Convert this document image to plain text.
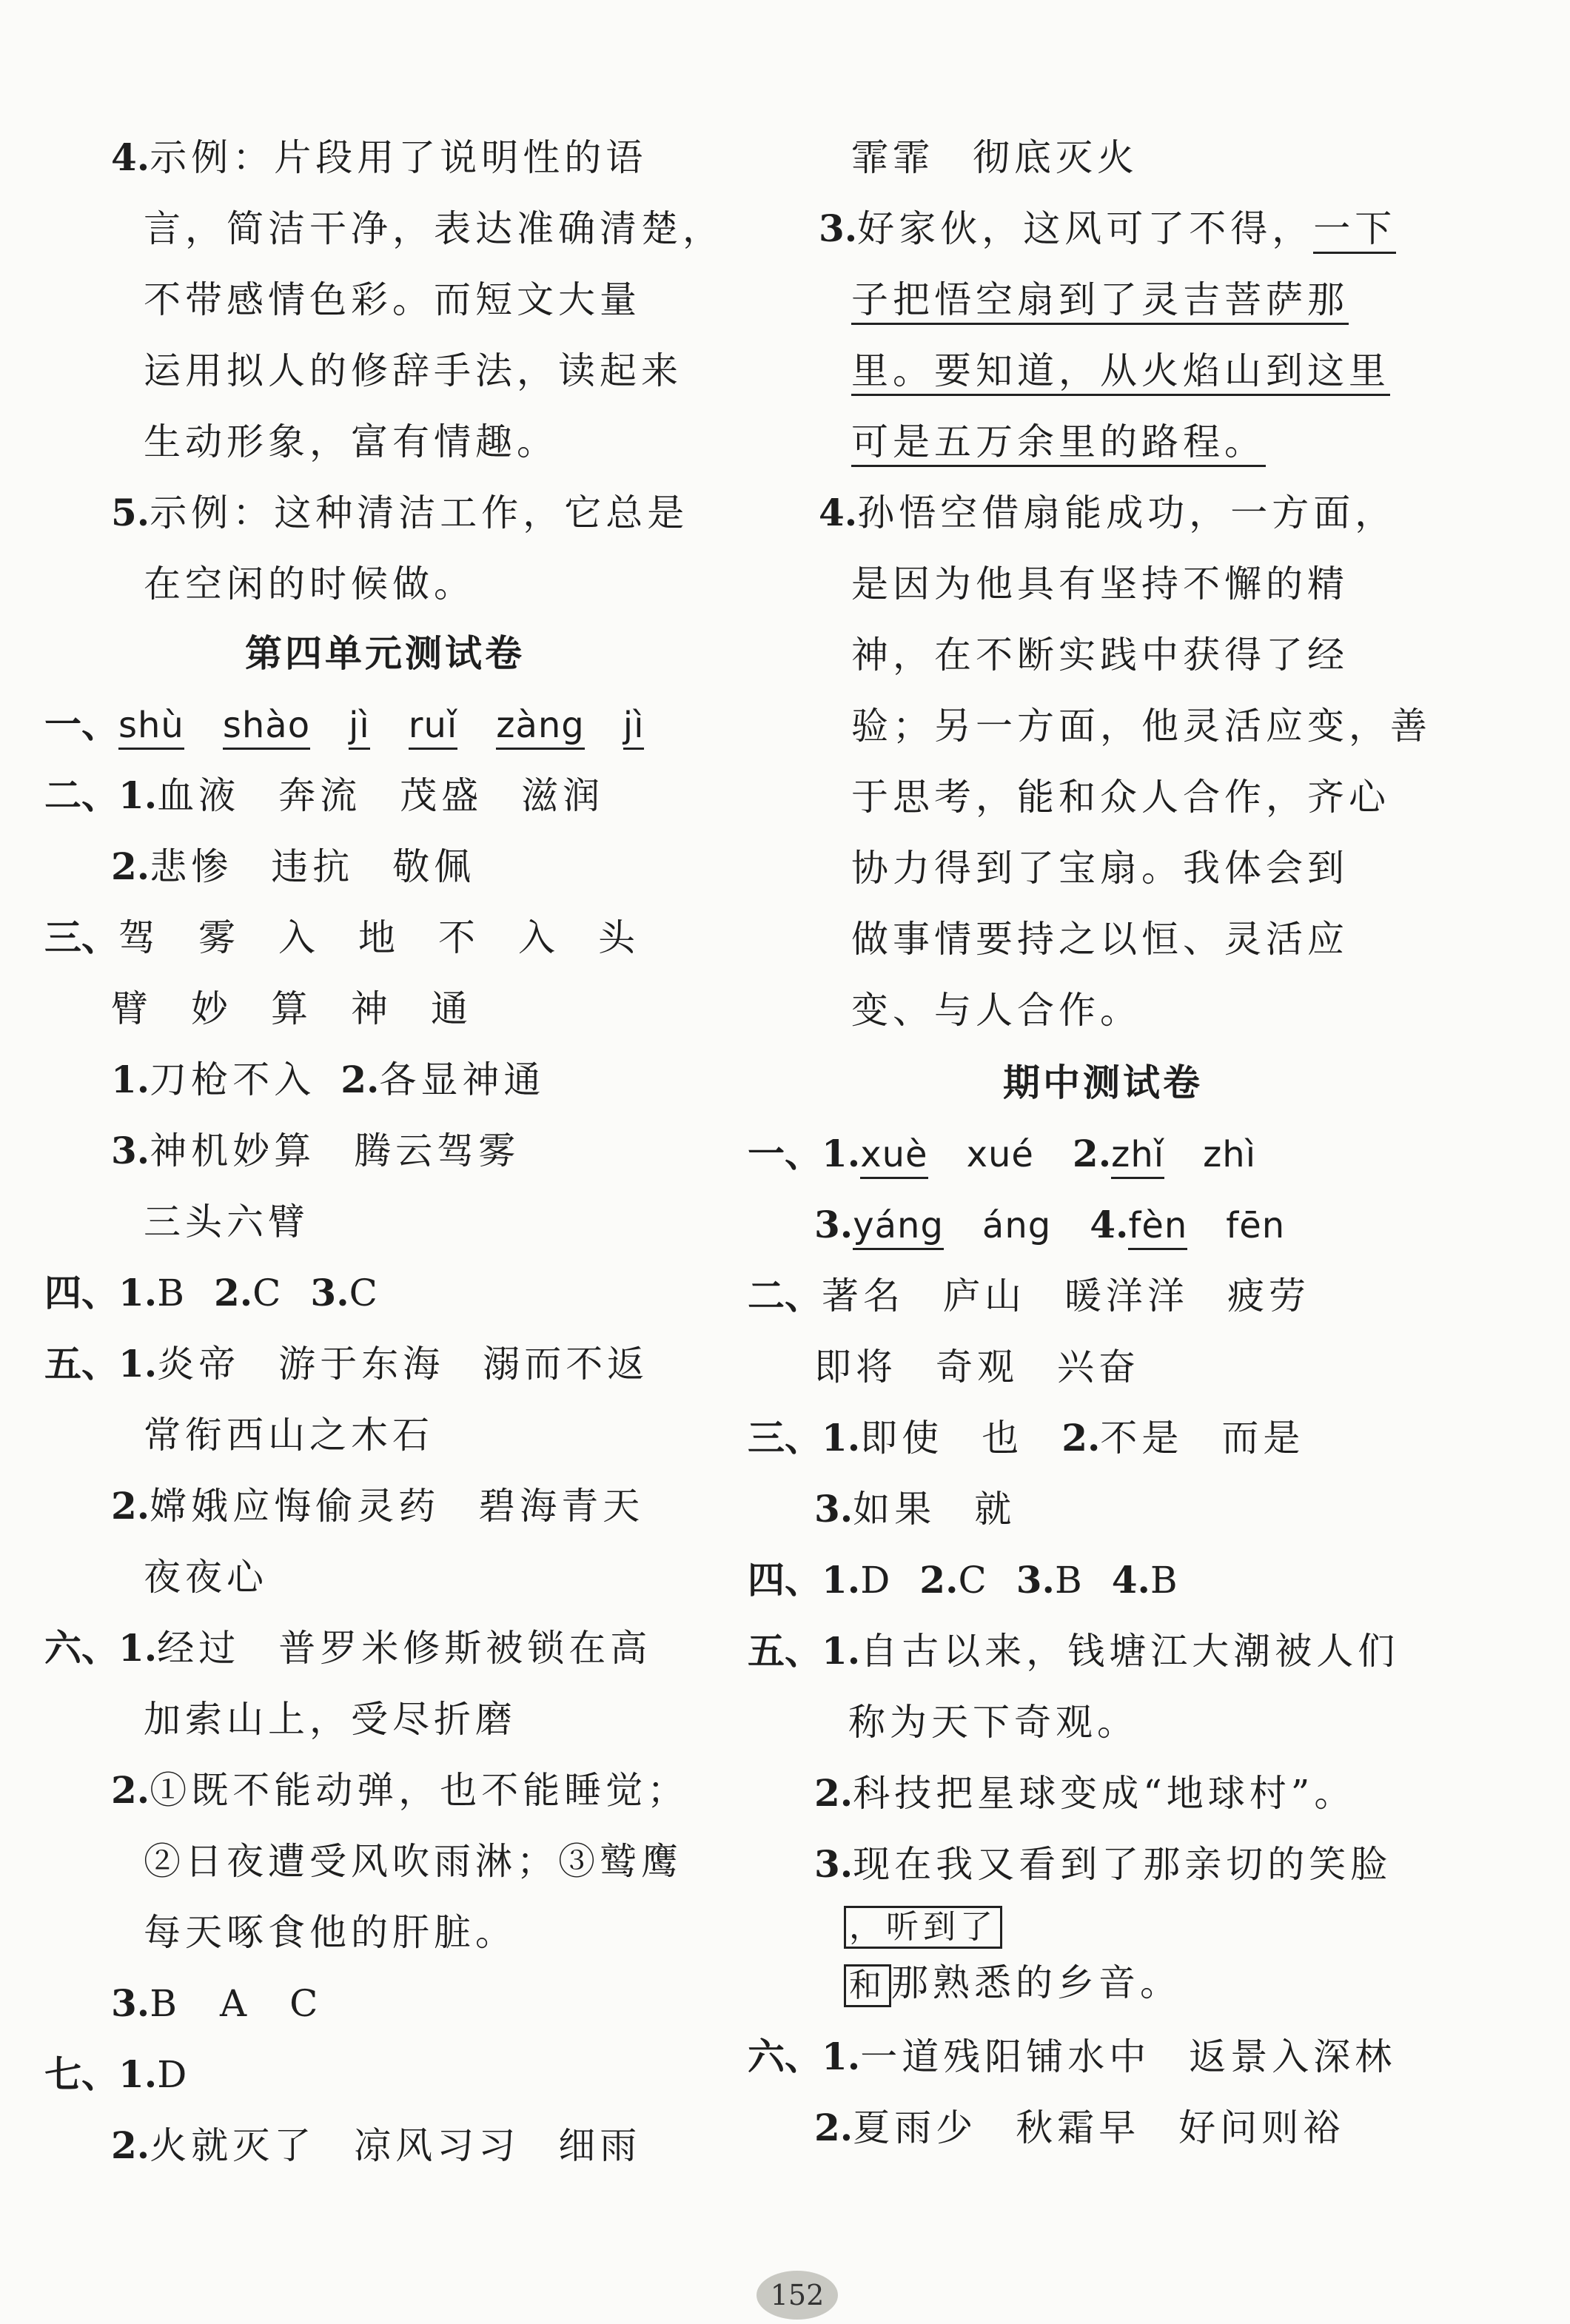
4.示例：片段用了说明性的语
言，简洁干净，表达准确清楚，
不带感情色彩。而短文大量
运用拟人的修辞手法，读起来
生动形象，富有情趣。
5.示例：这种清洁工作，它总是
在空闲的时候做。
第四单元测试卷
一、shù shào jì ruǐ zàng jì
二、1.血液 奔流 茂盛 滋润
2.悲惨 违抗 敬佩
三、驾 雾 入 地 不 入 头
臂 妙 算 神 通
1.刀枪不入 2.各显神通
3.神机妙算 腾云驾雾
三头六臂
四、1.B 2.C 3.C
五、1.炎帝 游于东海 溺而不返
常衔西山之木石
2.嫦娥应悔偷灵药 碧海青天
夜夜心
六、1.经过 普罗米修斯被锁在高
加索山上，受尽折磨
2.①既不能动弹，也不能睡觉；
②日夜遭受风吹雨淋；③鹫鹰
每天啄食他的肝脏。
3.B A C
七、1.D
2.火就灭了 凉风习习 细雨
霏霏 彻底灭火
3.好家伙，这风可了不得，一下
子把悟空扇到了灵吉菩萨那
里。要知道，从火焰山到这里
可是五万余里的路程。
4.孙悟空借扇能成功，一方面，
是因为他具有坚持不懈的精
神，在不断实践中获得了经
验；另一方面，他灵活应变，善
于思考，能和众人合作，齐心
协力得到了宝扇。我体会到
做事情要持之以恒、灵活应
变、与人合作。
期中测试卷
一、1.xuè xué 2.zhǐ zhì
3.yáng áng 4.fèn fēn
二、著名 庐山 暖洋洋 疲劳
即将 奇观 兴奋
三、1.即使 也 2.不是 而是
3.如果 就
四、1.D 2.C 3.B 4.B
五、1.自古以来，钱塘江大潮被人们
称为天下奇观。
2.科技把星球变成“地球村”。
3.现在我又看到了那亲切的笑脸
，听到了
和 那熟悉的乡音。
六、1.一道残阳铺水中 返景入深林
2.夏雨少 秋霜早 好问则裕
152
